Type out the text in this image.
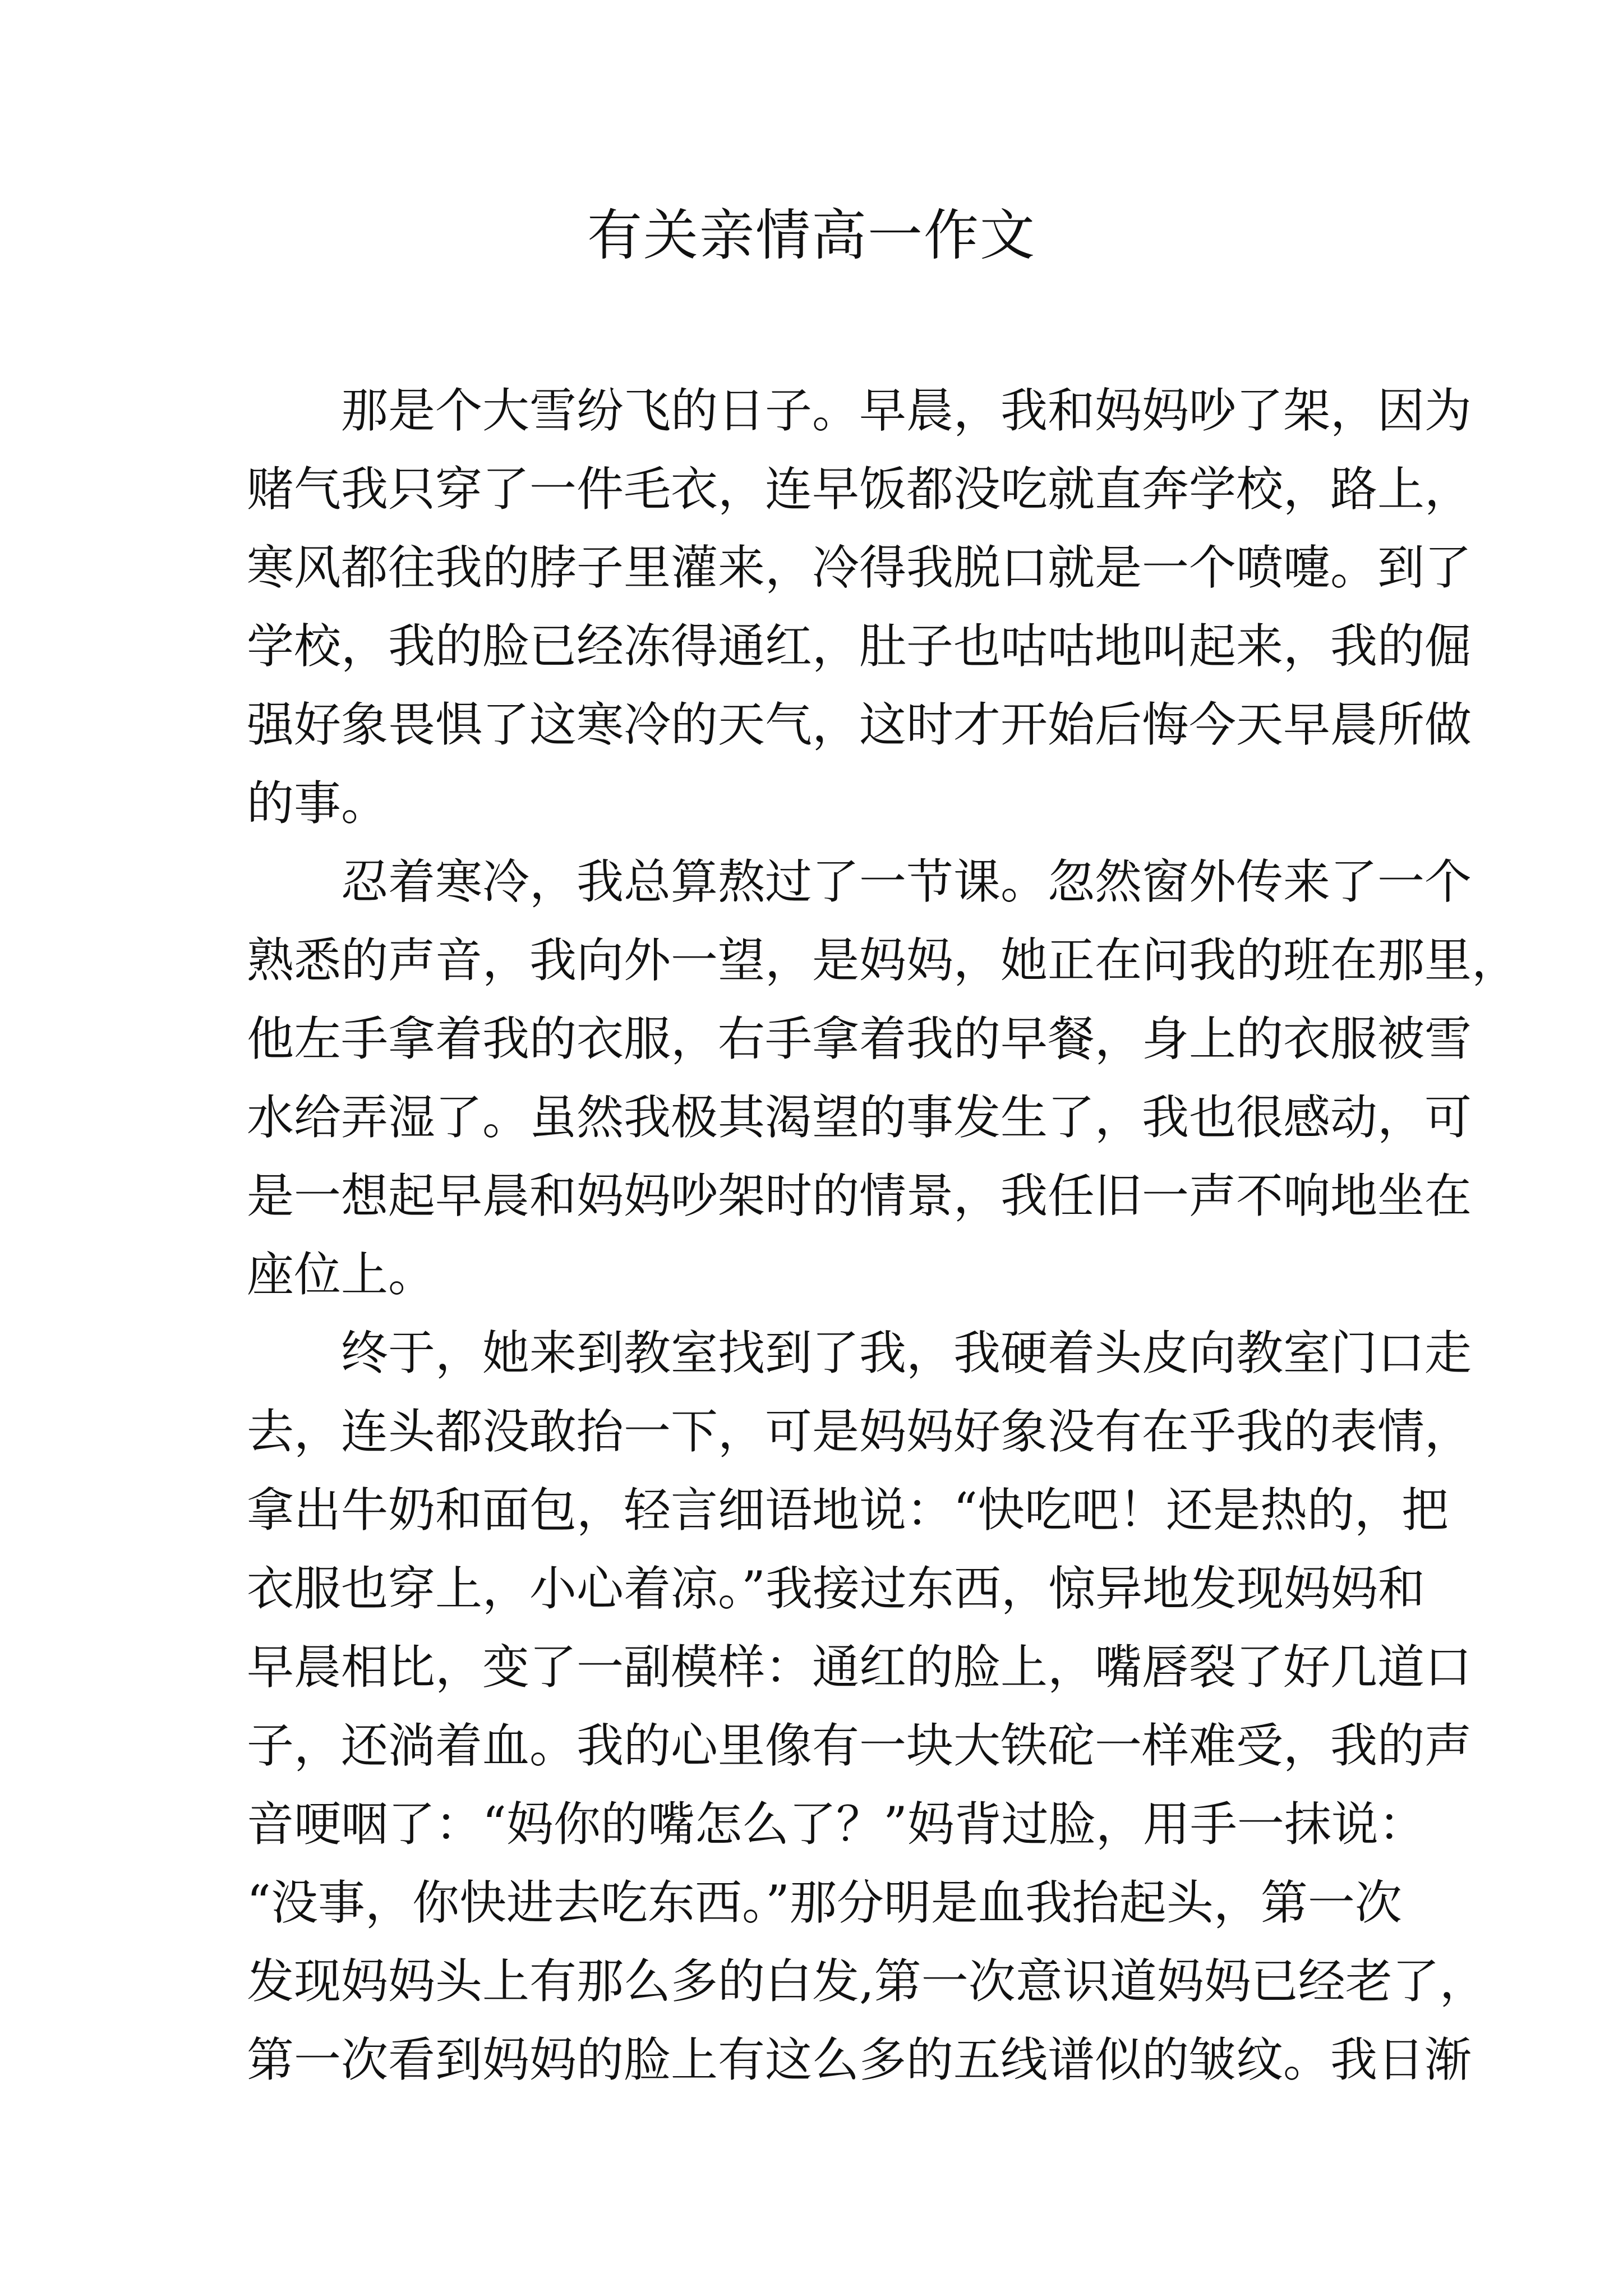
有关亲情高一作文
那是个大雪纷飞的日子。早晨，我和妈妈吵了架，因为
赌气我只穿了一件毛衣，连早饭都没吃就直奔学校，路上，
寒风都往我的脖子里灌来，冷得我脱口就是一个喷嚏。到了
学校，我的脸已经冻得通红，肚子也咕咕地叫起来，我的倔
强好象畏惧了这寒冷的天气，这时才开始后悔今天早晨所做
的事。
忍着寒冷，我总算熬过了一节课。忽然窗外传来了一个
熟悉的声音，我向外一望，是妈妈，她正在问我的班在那里，
他左手拿着我的衣服，右手拿着我的早餐，身上的衣服被雪
水给弄湿了。虽然我极其渴望的事发生了，我也很感动，可
是一想起早晨和妈妈吵架时的情景，我任旧一声不响地坐在
座位上。
终于，她来到教室找到了我，我硬着头皮向教室门口走
去，连头都没敢抬一下，可是妈妈好象没有在乎我的表情，
拿出牛奶和面包，轻言细语地说：“快吃吧！还是热的，把
衣服也穿上，小心着凉。”我接过东西，惊异地发现妈妈和
早晨相比，变了一副模样：通红的脸上，嘴唇裂了好几道口
子，还淌着血。我的心里像有一块大铁砣一样难受，我的声
音哽咽了：“妈你的嘴怎么了？”妈背过脸，用手一抹说：
“没事，你快进去吃东西。”那分明是血我抬起头，第一次
发现妈妈头上有那么多的白发,第一次意识道妈妈已经老了，
第一次看到妈妈的脸上有这么多的五线谱似的皱纹。我日渐
